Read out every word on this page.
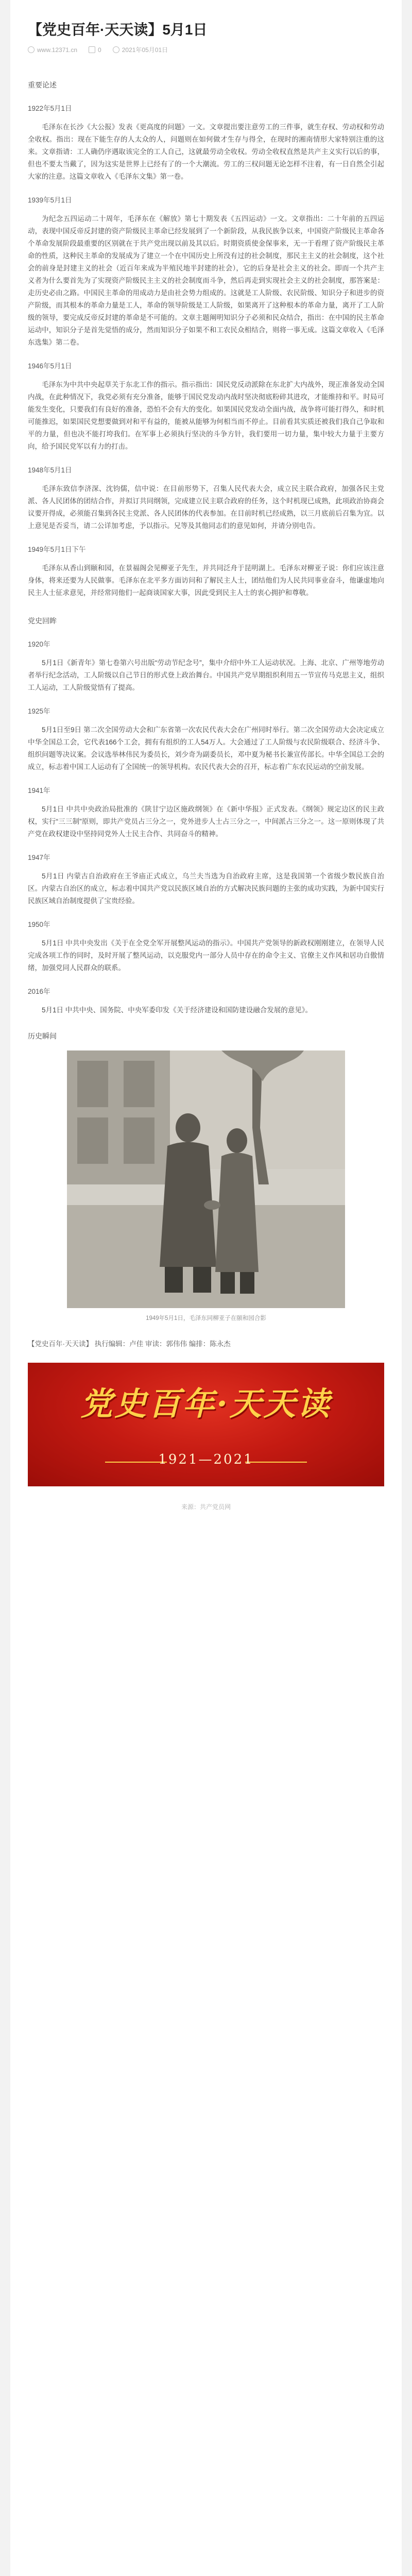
【党史百年·天天读】5月1日
www.12371.cn	0	2021年05月01日
重要论述
1922年5月1日

毛泽东在长沙《大公报》发表《更高度的问题》一文。文章提出要注意劳工的三件事，就生存权、劳动权和劳动全收权。指出：现在下能生存的人太众的人，问题则在如何做才生存与得全，在现时的湘南情形大家特别注重的这来。文章指请：工人确仍序遇取该完全的工人自己，这就最劳动全收权。劳动全收权直然是共产主义实行以后的事，但也不要太当戴了，因为这实是世界上已经有了的一个大潮流。劳工的三权问题无论怎样不注着，有一日自然全引起大家的注意。这篇文章收入《毛泽东文集》第一卷。

1939年5月1日

为纪念五四运动二十周年，毛泽东在《解放》第七十期发表《五四运动》一文。文章指出：二十年前的五四运动，表现中国反帝反封建的资产阶级民主革命已经发展到了一个新阶段，从我民族争以来，中国资产阶级民主革命各个革命发展阶段最重要的区别就在于共产党出现以前及其以后。时期资质使金保事来，无一于看理了资产阶级民主革命的性质，这种民主革命的发展成为了建立一个在中国历史上所没有过的社会制度，那民主主义的社会制度，这个社会的前身是封建主义的社会（近百年来成为半殖民地半封建的社会），它的后身是社会主义的社会。即而一个共产主义者为什么要首先为了实现资产阶级民主主义的社会制度而斗争，然后再走到实现社会主义的社会制度，那答案是：走历史必由之路。中国民主革命的用成动力是由社会势力组成的。这就是工人阶级、农民阶级、知识分子和进步的资产阶级，而其根本的革命力量是工人，革命的领导阶级是工人阶级，如果离开了这种根本的革命力量，离开了工人阶级的领导，要完成反帝反封建的革命是不可能的。文章主题阐明知识分子必须和民众结合，指出：在中国的民主革命运动中，知识分子是首先觉悟的成分，然而知识分子如果不和工农民众相结合，则将一事无成。这篇文章收入《毛泽东选集》第二卷。

1946年5月1日

毛泽东为中共中央起草关于东北工作的指示。指示指出：国民党反动派除在东北扩大内战外，现正准备发动全国内战，在此种情况下，我党必须有充分准备，能够于国民党发动内战时坚决彻底粉碎其进攻，才能维持和平。时局可能发生变化，只要我们有良好的准备，恐怕不会有大的变化。如果国民党发动全面内战，战争将可能打得久，和时机可能推迟，如果国民党想要做到对和平有益的，能被从能够为何相当而不停止。目前看其实质还被我们我自己争取和平的力量，但也决不能打垮我们。在军事上必须执行坚决的斗争方针，我们要用一切力量，集中较大力量于主要方向，给予国民党军以有力的打击。

1948年5月1日

毛泽东致信李济深、沈钧儒，信中说：在目前形势下，召集人民代表大会，成立民主联合政府，加强各民主党派、各人民团体的团结合作，并拟订共同纲领，完成建立民主联合政府的任务，这个时机现已成熟，此项政治协商会议要开得成，必须能召集到各民主党派、各人民团体的代表参加。在目前时机已经成熟，以三月底前后召集为宜。以上意见是否妥当，请二公详加考虑，予以指示。兄等及其他同志们的意见如何，并请分别电告。

1949年5月1日下午

毛泽东从香山到颐和园，在景福阁会见柳亚子先生，并共同泛舟于昆明湖上。毛泽东对柳亚子说：你们应该注意身体，将来还要为人民做事。毛泽东在北平多方面访问和了解民主人士，团结他们为人民共同事业奋斗，他谦虚地向民主人士征求意见，并经常同他们一起商谈国家大事，因此受到民主人士的衷心拥护和尊敬。

党史回眸
1920年

5月1日《新青年》第七卷第六号出版“劳动节纪念号”，集中介绍中外工人运动状况。上海、北京、广州等地劳动者举行纪念活动，工人阶级以自己节日的形式登上政治舞台。中国共产党早期组织利用五一节宣传马克思主义，组织工人运动，工人阶级觉悟有了提高。

1925年

5月1日至9日 第二次全国劳动大会和广东省第一次农民代表大会在广州同时举行。第二次全国劳动大会决定成立中华全国总工会，它代表166个工会，拥有有组织的工人54万人。大会通过了工人阶级与农民阶级联合、经济斗争、组织问题等决议案。会议选举林伟民为委员长，刘少奇为副委员长，邓中夏为秘书长兼宣传部长。中华全国总工会的成立，标志着中国工人运动有了全国统一的领导机构。农民代表大会的召开，标志着广东农民运动的空前发展。

1941年

5月1日 中共中央政治局批准的《陕甘宁边区施政纲领》在《新中华报》正式发表。《纲领》规定边区的民主政权，实行“三三制”原则，即共产党员占三分之一，党外进步人士占三分之一，中间派占三分之一。这一原则体现了共产党在政权建设中坚持同党外人士民主合作、共同奋斗的精神。

1947年

5月1日 内蒙古自治政府在王爷庙正式成立，乌兰夫当选为自治政府主席，这是我国第一个省级少数民族自治区。内蒙古自治区的成立，标志着中国共产党以民族区域自治的方式解决民族问题的主张的成功实践，为新中国实行民族区域自治制度提供了宝贵经验。

1950年

5月1日 中共中央发出《关于在全党全军开展整风运动的指示》。中国共产党领导的新政权刚刚建立，在领导人民完成各项工作的同时，及时开展了整风运动，以克服党内一部分人员中存在的命令主义、官僚主义作风和居功自傲情绪，加强党同人民群众的联系。

2016年

5月1日 中共中央、国务院、中央军委印发《关于经济建设和国防建设融合发展的意见》。

历史瞬间
1949年5月1日，毛泽东同柳亚子在颐和园合影
【党史百年·天天读】 执行编辑：卢佳 审读：郭伟伟 编排：陈永杰
党史百年·天天读
1921—2021
来源：共产党员网
